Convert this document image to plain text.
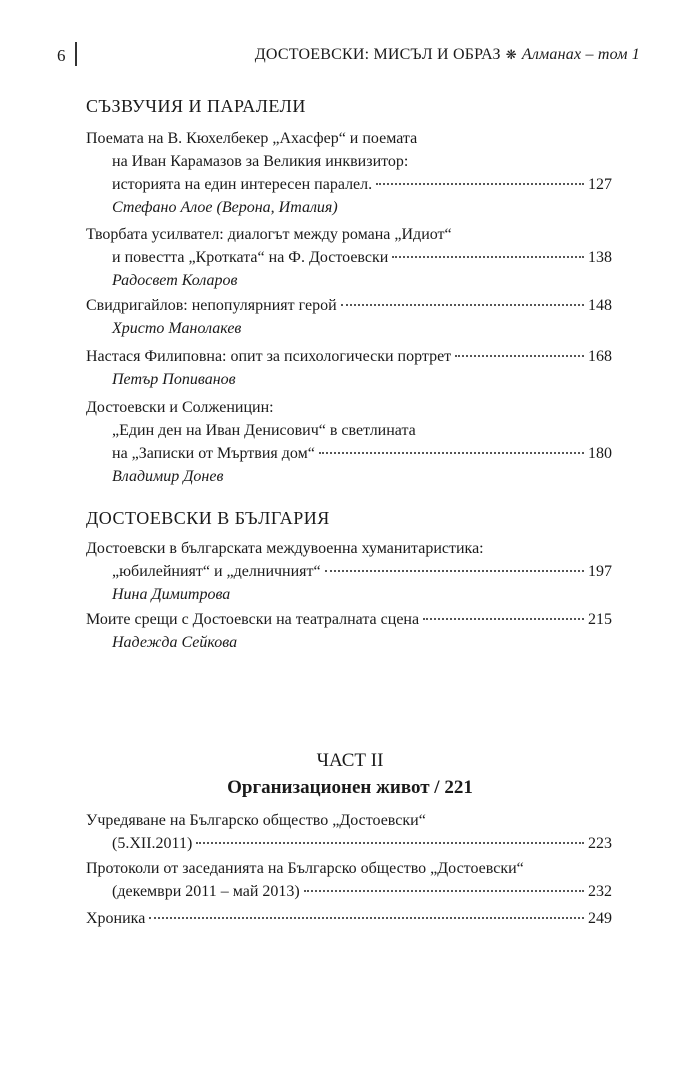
6	ДОСТОЕВСКИ: МИСЪЛ И ОБРАЗ ❋ Алманах – том 1
СЪЗВУЧИЯ И ПАРАЛЕЛИ
Поемата на В. Кюхелбекер „Ахасфер“ и поемата
на Иван Карамазов за Великия инквизитор:
историята на един интересен паралел.	127
Стефано Алое (Верона, Италия)
Творбата усилвател: диалогът между романа „Идиот“
и повестта „Кротката“ на Ф. Достоевски	138
Радосвет Коларов
Свидригайлов: непопулярният герой	148
Христо Манолакев
Настася Филиповна: опит за психологически портрет	168
Петър Попиванов
Достоевски и Солженицин:
„Един ден на Иван Денисович“ в светлината
на „Записки от Мъртвия дом“	180
Владимир Донев
ДОСТОЕВСКИ В БЪЛГАРИЯ
Достоевски в българската междувоенна хуманитаристика:
„юбилейният“ и „делничният“	197
Нина Димитрова
Моите срещи с Достоевски на театралната сцена	215
Надежда Сейкова
ЧАСТ II
Организационен живот / 221
Учредяване на Българско общество „Достоевски“
(5.XII.2011)	223
Протоколи от заседанията на Българско общество „Достоевски“
(декември 2011 – май 2013)	232
Хроника	249
